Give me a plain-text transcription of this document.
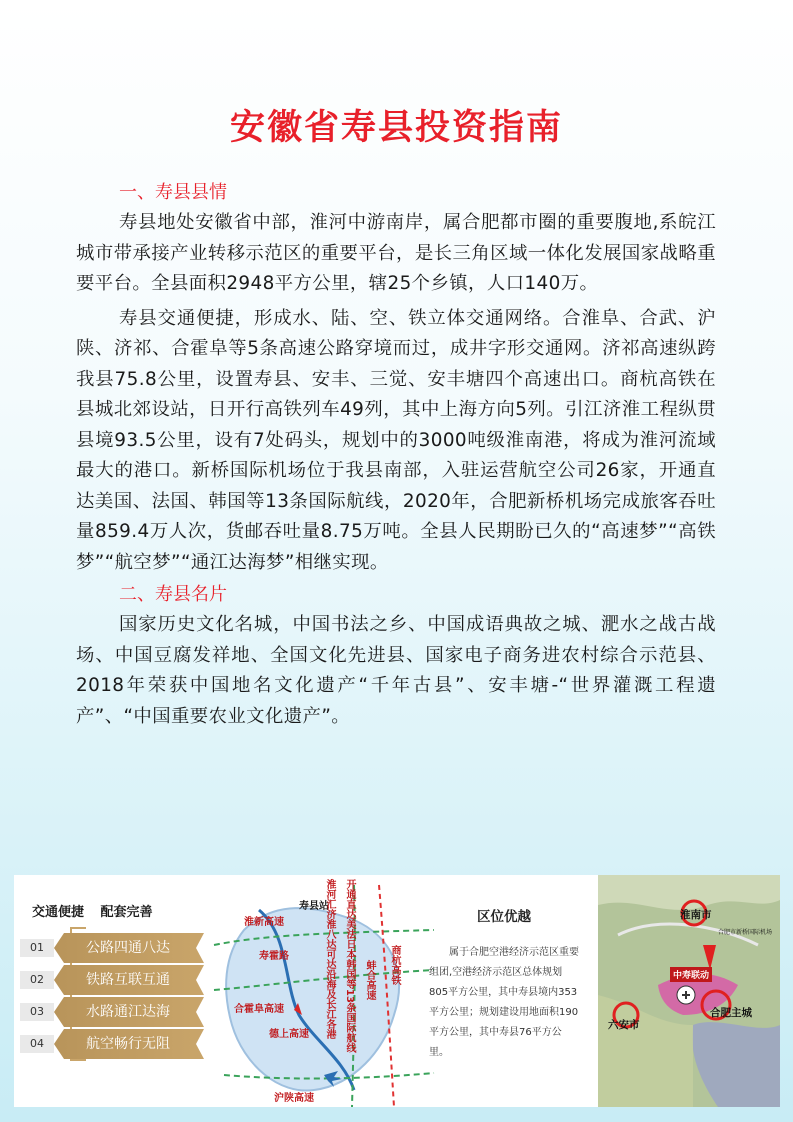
安徽省寿县投资指南
一、寿县县情

寿县地处安徽省中部，淮河中游南岸，属合肥都市圈的重要腹地,系皖江城市带承接产业转移示范区的重要平台，是长三角区域一体化发展国家战略重要平台。全县面积2948平方公里，辖25个乡镇，人口140万。

寿县交通便捷，形成水、陆、空、铁立体交通网络。合淮阜、合武、沪陕、济祁、合霍阜等5条高速公路穿境而过，成井字形交通网。济祁高速纵跨我县75.8公里，设置寿县、安丰、三觉、安丰塘四个高速出口。商杭高铁在县城北郊设站，日开行高铁列车49列，其中上海方向5列。引江济淮工程纵贯县境93.5公里，设有7处码头，规划中的3000吨级淮南港，将成为淮河流域最大的港口。新桥国际机场位于我县南部，入驻运营航空公司26家，开通直达美国、法国、韩国等13条国际航线，2020年，合肥新桥机场完成旅客吞吐量859.4万人次，货邮吞吐量8.75万吨。全县人民期盼已久的“高速梦”“高铁梦”“航空梦”“通江达海梦”相继实现。

二、寿县名片

国家历史文化名城，中国书法之乡、中国成语典故之城、淝水之战古战场、中国豆腐发祥地、全国文化先进县、国家电子商务进农村综合示范县、2018年荣获中国地名文化遗产“千年古县”、安丰塘-“世界灌溉工程遗产”、“中国重要农业文化遗产”。

交通便捷 配套完善
01	公路四通八达
02	铁路互联互通
03	水路通江达海
04	航空畅行无阻
淮新高速
寿县站
寿霍路
合霍阜高速
德上高速
沪陕高速
淮河汇济淮八达可达沿海及长江各港 开通直达美法日本韩国等13条国际航线 蚌合高速 商杭高铁
区位优越

属于合肥空港经济示范区重要组团,空港经济示范区总体规划805平方公里，其中寿县境内353平方公里；规划建设用地面积190平方公里，其中寿县76平方公里。

淮南市
中寿联动
六安市
合肥主城
合肥市新桥国际机场
